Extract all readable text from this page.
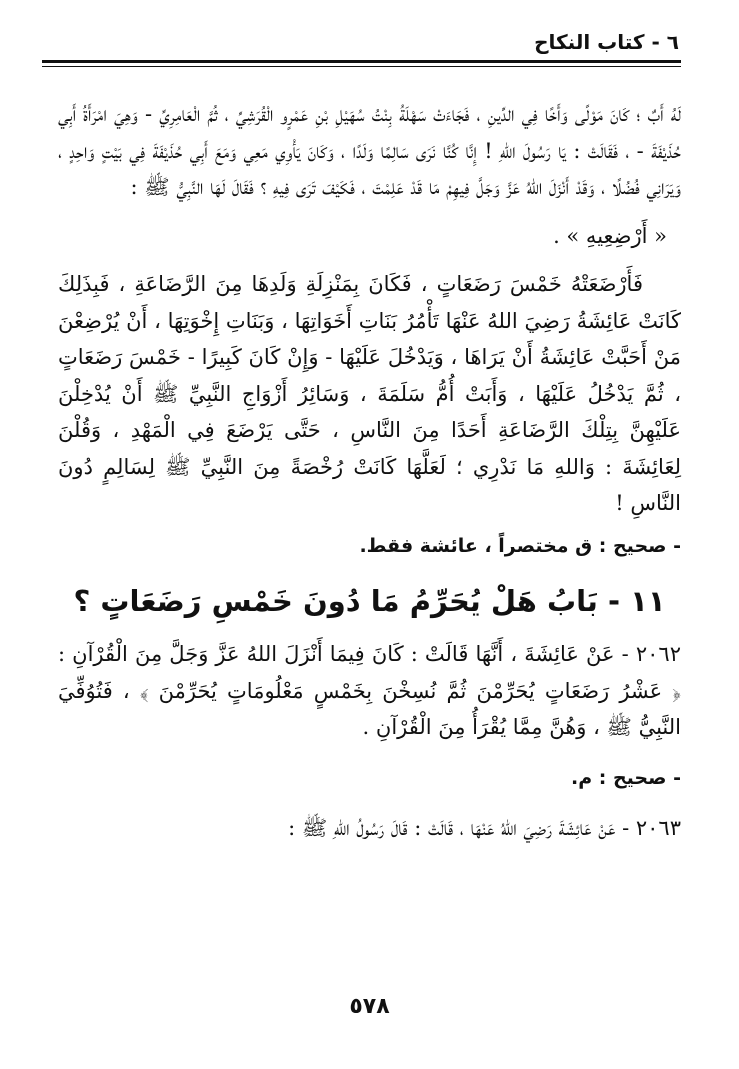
٦ - كتاب النكاح

لَهُ أَبٌ ؛ كَانَ مَوْلًى وَأَخًا فِي الدِّينِ ، فَجَاءَتْ سَهْلَةُ بِنْتُ سُهَيْلِ بْنِ عَمْرٍو الْقُرَشِيِّ ، ثُمَّ الْعَامِرِيِّ - وَهِيَ امْرَأَةُ أَبِي حُذَيْفَةَ - ، فَقَالَتْ : يَا رَسُولَ اللهِ ! إِنَّا كُنَّا نَرَى سَالِمًا وَلَدًا ، وَكَانَ يَأْوِي مَعِي وَمَعَ أَبِي حُذَيْفَةَ فِي بَيْتٍ وَاحِدٍ ، وَيَرَانِي فُضُلًا ، وَقَدْ أَنْزَلَ اللهُ عَزَّ وَجَلَّ فِيهِمْ مَا قَدْ عَلِمْتَ ، فَكَيْفَ تَرَى فِيهِ ؟ فَقَالَ لَهَا النَّبِيُّ ﷺ :

« أَرْضِعِيهِ » .

فَأَرْضَعَتْهُ خَمْسَ رَضَعَاتٍ ، فَكَانَ بِمَنْزِلَةِ وَلَدِهَا مِنَ الرَّضَاعَةِ ، فَبِذَلِكَ كَانَتْ عَائِشَةُ رَضِيَ اللهُ عَنْهَا تَأْمُرُ بَنَاتِ أَخَوَاتِهَا ، وَبَنَاتِ إِخْوَتِهَا ، أَنْ يُرْضِعْنَ مَنْ أَحَبَّتْ عَائِشَةُ أَنْ يَرَاهَا ، وَيَدْخُلَ عَلَيْهَا - وَإِنْ كَانَ كَبِيرًا - خَمْسَ رَضَعَاتٍ ، ثُمَّ يَدْخُلُ عَلَيْهَا ، وَأَبَتْ أُمُّ سَلَمَةَ ، وَسَائِرُ أَزْوَاجِ النَّبِيِّ ﷺ أَنْ يُدْخِلْنَ عَلَيْهِنَّ بِتِلْكَ الرَّضَاعَةِ أَحَدًا مِنَ النَّاسِ ، حَتَّى يَرْضَعَ فِي الْمَهْدِ ، وَقُلْنَ لِعَائِشَةَ : وَاللهِ مَا نَدْرِي ؛ لَعَلَّهَا كَانَتْ رُخْصَةً مِنَ النَّبِيِّ ﷺ لِسَالِمٍ دُونَ النَّاسِ !

- صحيح : ق مختصراً ، عائشة فقط.

١١ - بَابُ هَلْ يُحَرِّمُ مَا دُونَ خَمْسِ رَضَعَاتٍ ؟

٢٠٦٢ - عَنْ عَائِشَةَ ، أَنَّهَا قَالَتْ : كَانَ فِيمَا أَنْزَلَ اللهُ عَزَّ وَجَلَّ مِنَ الْقُرْآنِ : ﴿ عَشْرُ رَضَعَاتٍ يُحَرِّمْنَ ثُمَّ نُسِخْنَ بِخَمْسٍ مَعْلُومَاتٍ يُحَرِّمْنَ ﴾ ، فَتُوُفِّيَ النَّبِيُّ ﷺ ، وَهُنَّ مِمَّا يُقْرَأُ مِنَ الْقُرْآنِ .

- صحيح : م.

٢٠٦٣ - عَنْ عَائِشَةَ رَضِيَ اللهُ عَنْهَا ، قَالَتْ : قَالَ رَسُولُ اللهِ ﷺ :

٥٧٨
